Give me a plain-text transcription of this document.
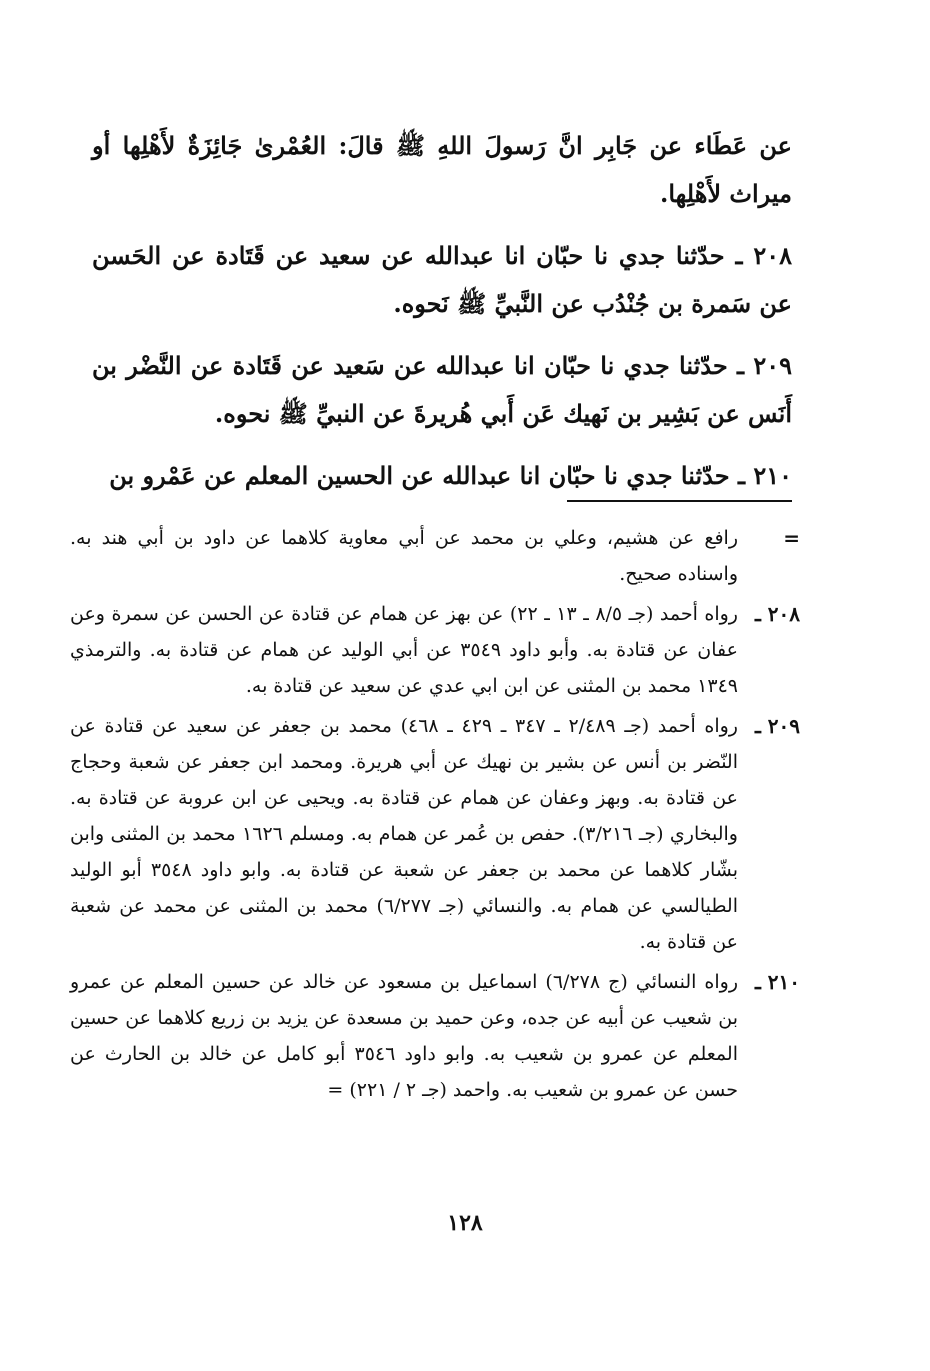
عن عَطَاء عن جَابِر انَّ رَسولَ اللهِ ﷺ قالَ: العُمْرىٰ جَائِزَةٌ لأَهْلِها أو ميراث لأَهْلِها.

٢٠٨ ـ حدّثنا جدي نا حبّان انا عبدالله عن سعيد عن قَتَادة عن الحَسن عن سَمرة بن جُنْدُب عن النَّبيِّ ﷺ نَحوه.

٢٠٩ ـ حدّثنا جدي نا حبّان انا عبدالله عن سَعيد عن قَتَادة عن النَّضْر بن أَنَس عن بَشِير بن نَهيك عَن أَبي هُريرةَ عن النبيِّ ﷺ نحوه.

٢١٠ ـ حدّثنا جدي نا حبّان انا عبدالله عن الحسين المعلم عن عَمْرو بن

=
رافع عن هشيم، وعلي بن محمد عن أبي معاوية كلاهما عن داود بن أبي هند به. واسناده صحيح.
٢٠٨ ـ
رواه أحمد (جـ ٨/٥ ـ ١٣ ـ ٢٢) عن بهز عن همام عن قتادة عن الحسن عن سمرة وعن عفان عن قتادة به. وأبو داود ٣٥٤٩ عن أبي الوليد عن همام عن قتادة به. والترمذي ١٣٤٩ محمد بن المثنى عن ابن ابي عدي عن سعيد عن قتادة به.
٢٠٩ ـ
رواه أحمد (جـ ٢/٤٨٩ ـ ٣٤٧ ـ ٤٢٩ ـ ٤٦٨) محمد بن جعفر عن سعيد عن قتادة عن النّضر بن أنس عن بشير بن نهيك عن أبي هريرة. ومحمد ابن جعفر عن شعبة وحجاج عن قتادة به. وبهز وعفان عن همام عن قتادة به. ويحيى عن ابن عروبة عن قتادة به. والبخاري (جـ ٣/٢١٦). حفص بن عُمر عن همام به. ومسلم ١٦٢٦ محمد بن المثنى وابن بشّار كلاهما عن محمد بن جعفر عن شعبة عن قتادة به. وابو داود ٣٥٤٨ أبو الوليد الطيالسي عن همام به. والنسائي (جـ ٦/٢٧٧) محمد بن المثنى عن محمد عن شعبة عن قتادة به.
٢١٠ ـ
رواه النسائي (ج ٦/٢٧٨) اسماعيل بن مسعود عن خالد عن حسين المعلم عن عمرو بن شعيب عن أبيه عن جده، وعن حميد بن مسعدة عن يزيد بن زريع كلاهما عن حسين المعلم عن عمرو بن شعيب به. وابو داود ٣٥٤٦ أبو كامل عن خالد بن الحارث عن حسن عن عمرو بن شعيب به. واحمد (جـ ٢ / ٢٢١) =
١٢٨
